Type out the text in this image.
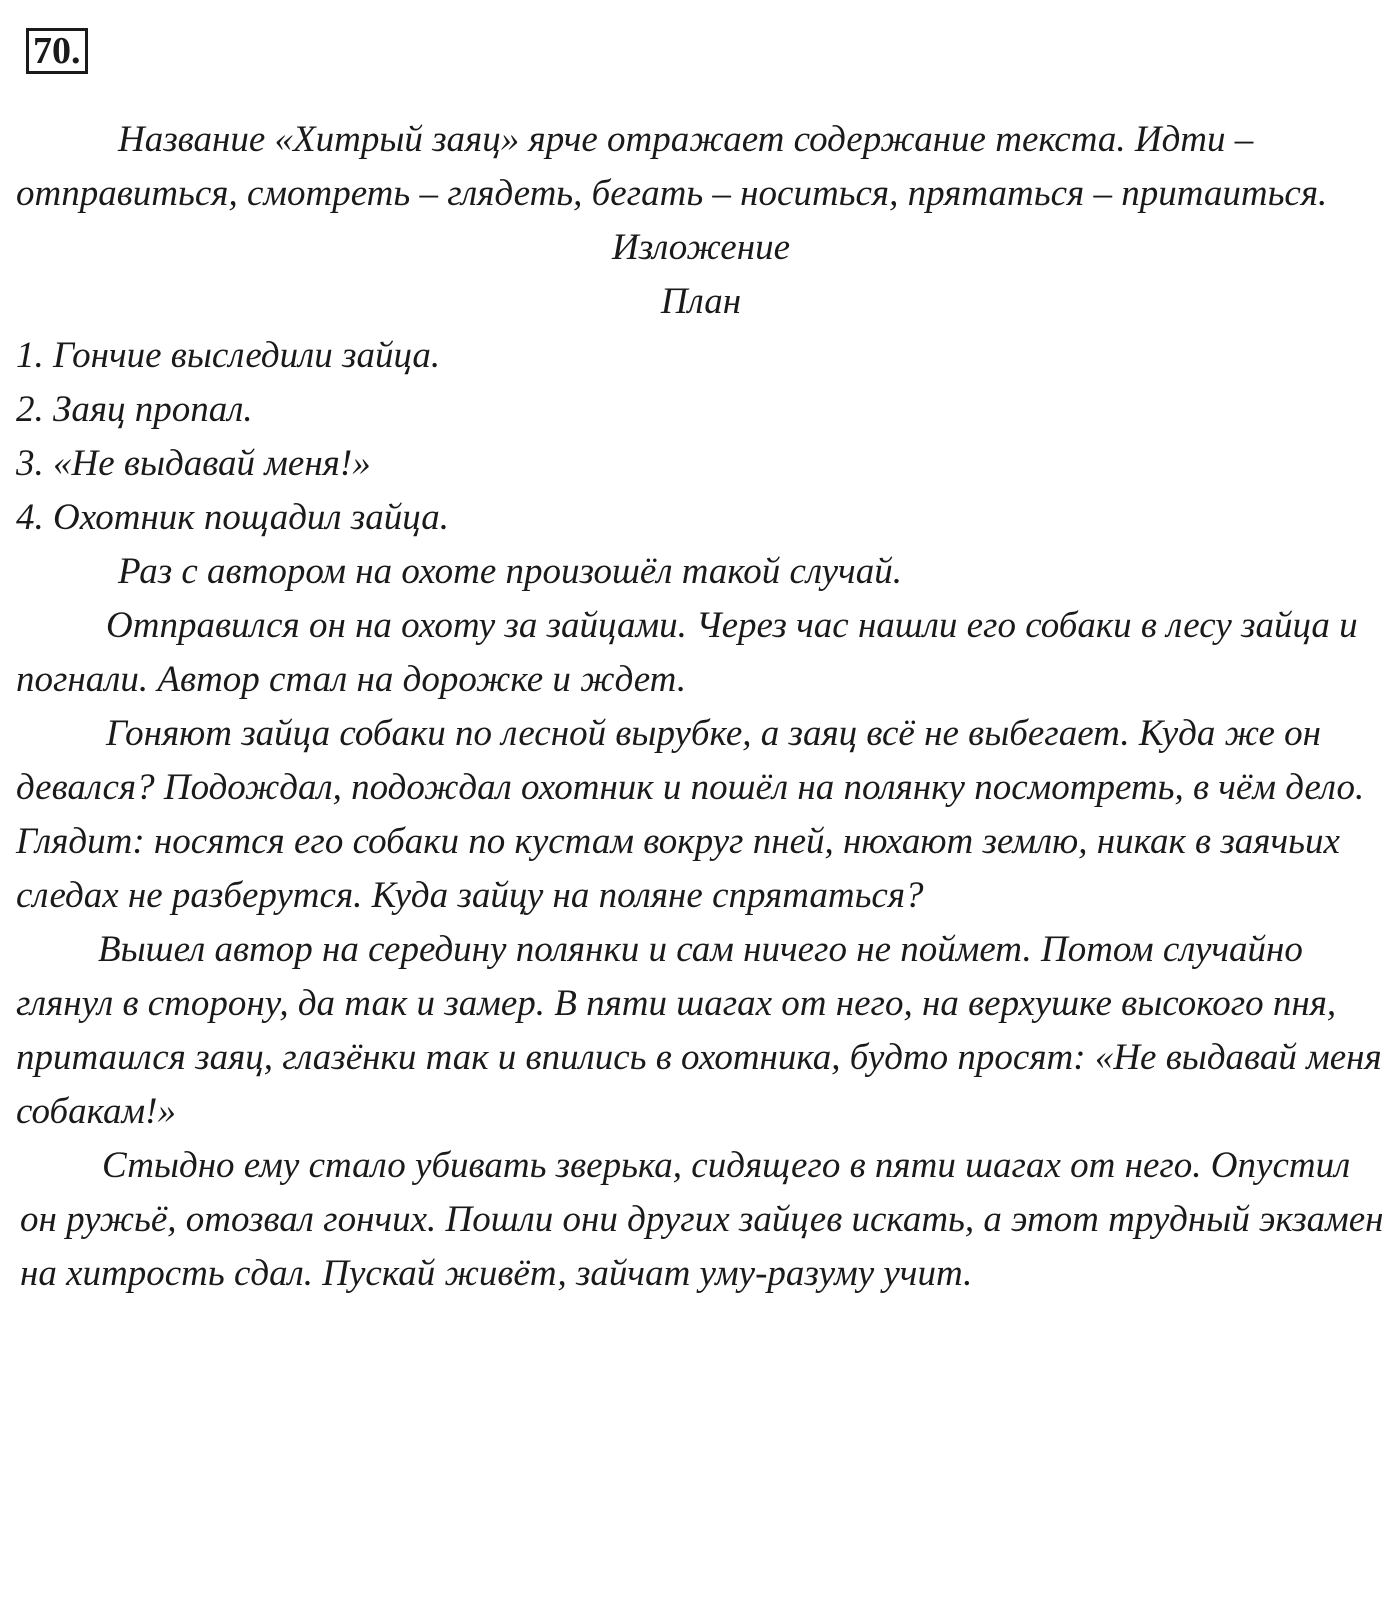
70.

Название «Хитрый заяц» ярче отражает содержание текста. Идти – отправиться, смотреть – глядеть, бегать – носиться, прятаться – притаиться.

Изложение

План

1. Гончие выследили зайца.
2. Заяц пропал.
3. «Не выдавай меня!»
4. Охотник пощадил зайца.

Раз с автором на охоте произошёл такой случай.

Отправился он на охоту за зайцами. Через час нашли его собаки в лесу зайца и погнали. Автор стал на дорожке и ждет.

Гоняют зайца собаки по лесной вырубке, а заяц всё не выбегает. Куда же он девался? Подождал, подождал охотник и пошёл на полянку посмотреть, в чём дело. Глядит: носятся его собаки по кустам вокруг пней, нюхают землю, никак в заячьих следах не разберутся. Куда зайцу на поляне спрятаться?

Вышел автор на середину полянки и сам ничего не поймет. Потом случайно глянул в сторону, да так и замер. В пяти шагах от него, на верхушке высокого пня, притаился заяц, глазёнки так и впились в охотника, будто просят: «Не выдавай меня собакам!»

Стыдно ему стало убивать зверька, сидящего в пяти шагах от него. Опустил он ружьё, отозвал гончих. Пошли они других зайцев искать, а этот трудный экзамен на хитрость сдал. Пускай живёт, зайчат уму-разуму учит.
